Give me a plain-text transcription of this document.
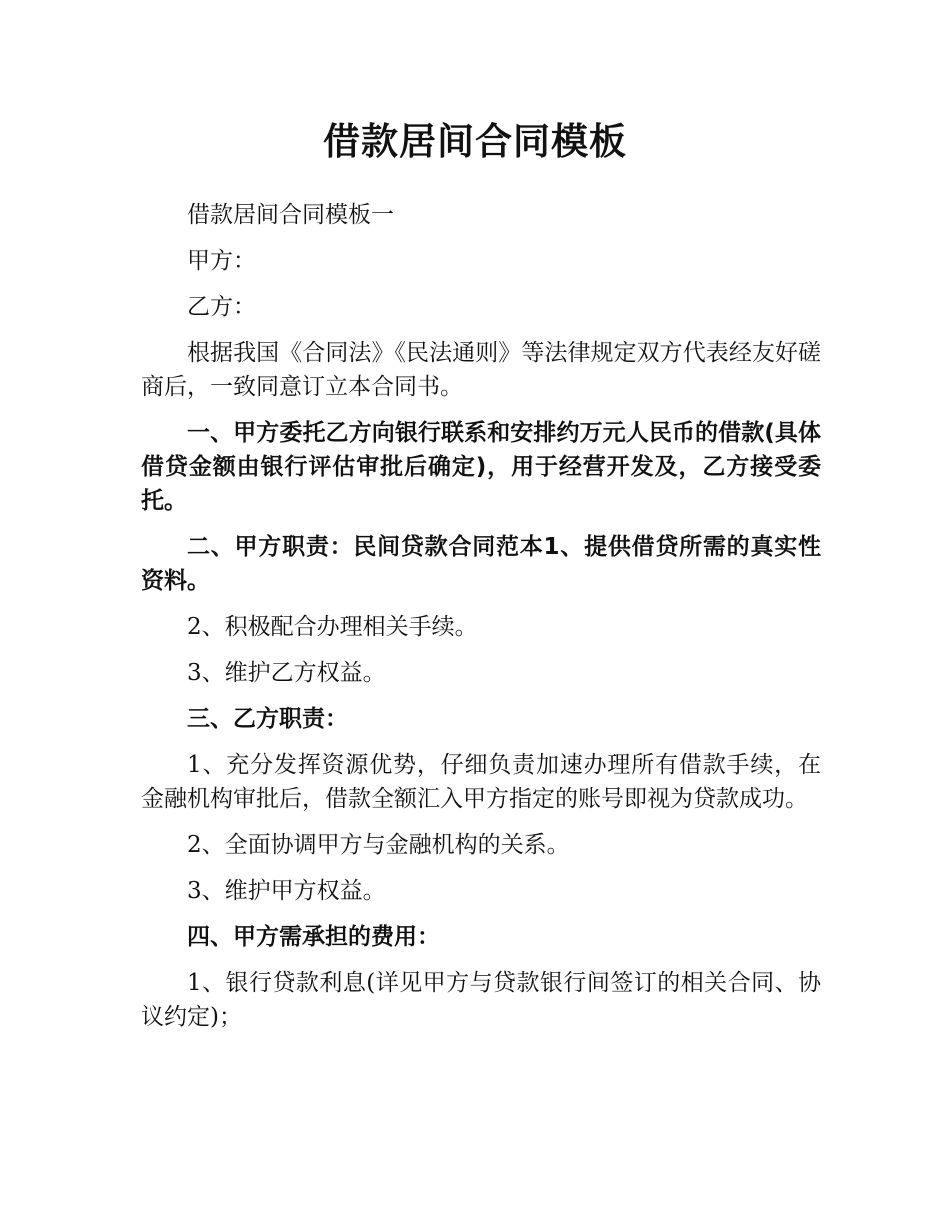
借款居间合同模板

借款居间合同模板一

甲方：

乙方：

根据我国《合同法》《民法通则》等法律规定双方代表经友好磋商后，一致同意订立本合同书。

一、甲方委托乙方向银行联系和安排约万元人民币的借款(具体借贷金额由银行评估审批后确定)，用于经营开发及，乙方接受委托。

二、甲方职责：民间贷款合同范本1、提供借贷所需的真实性资料。

2、积极配合办理相关手续。

3、维护乙方权益。

三、乙方职责：

1、充分发挥资源优势，仔细负责加速办理所有借款手续，在金融机构审批后，借款全额汇入甲方指定的账号即视为贷款成功。

2、全面协调甲方与金融机构的关系。

3、维护甲方权益。

四、甲方需承担的费用：

1、银行贷款利息(详见甲方与贷款银行间签订的相关合同、协议约定)；
